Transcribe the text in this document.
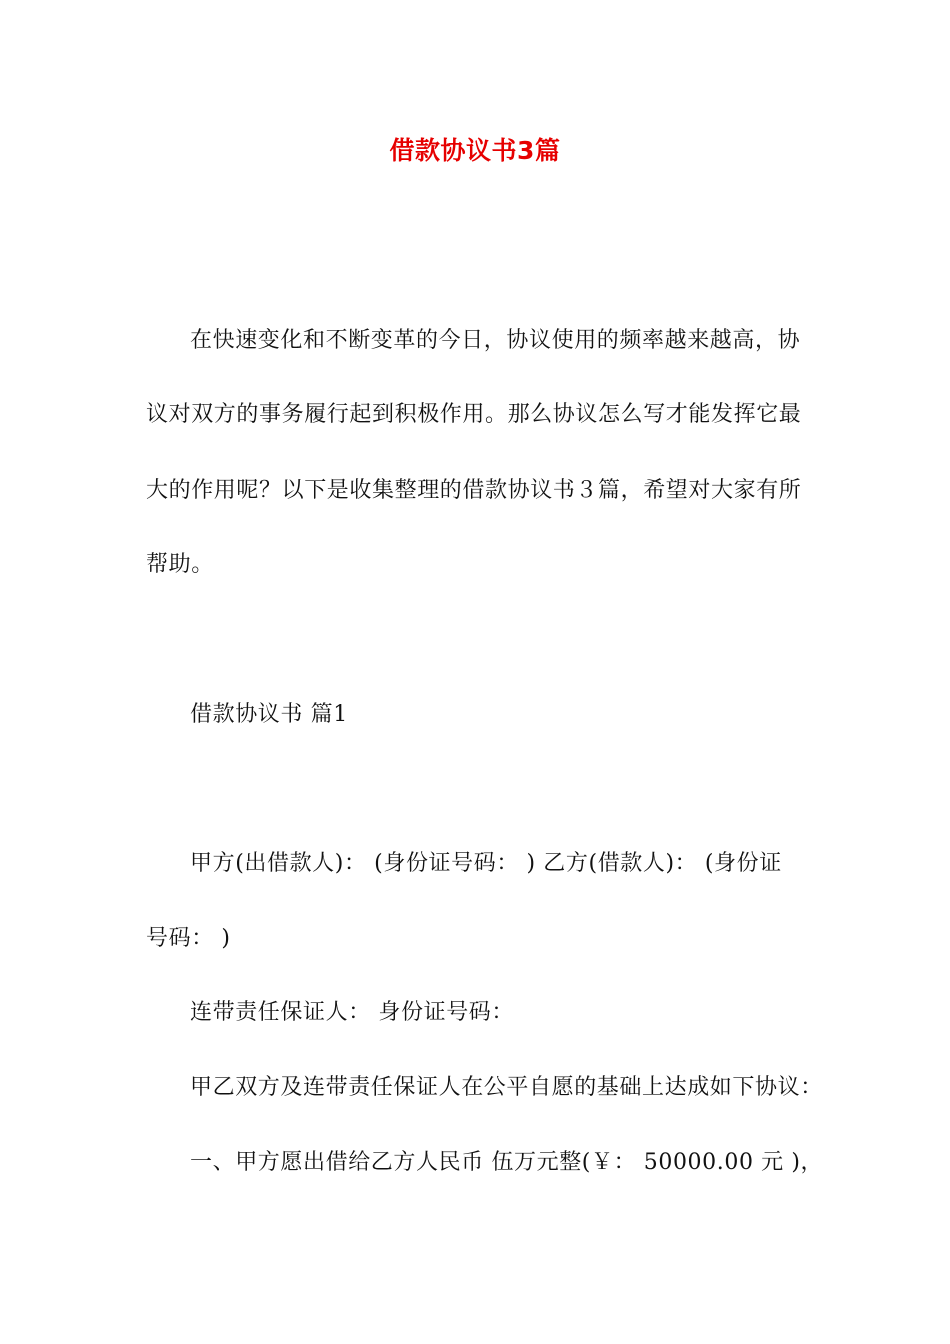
借款协议书3篇
在快速变化和不断变革的今日，协议使用的频率越来越高，协
议对双方的事务履行起到积极作用。那么协议怎么写才能发挥它最
大的作用呢？以下是收集整理的借款协议书３篇，希望对大家有所
帮助。
借款协议书 篇1
甲方(出借款人)： (身份证号码： ) 乙方(借款人)： (身份证
号码： )
连带责任保证人： 身份证号码：
甲乙双方及连带责任保证人在公平自愿的基础上达成如下协议：
一、甲方愿出借给乙方人民币 伍万元整(￥： 50000.00 元 )，
